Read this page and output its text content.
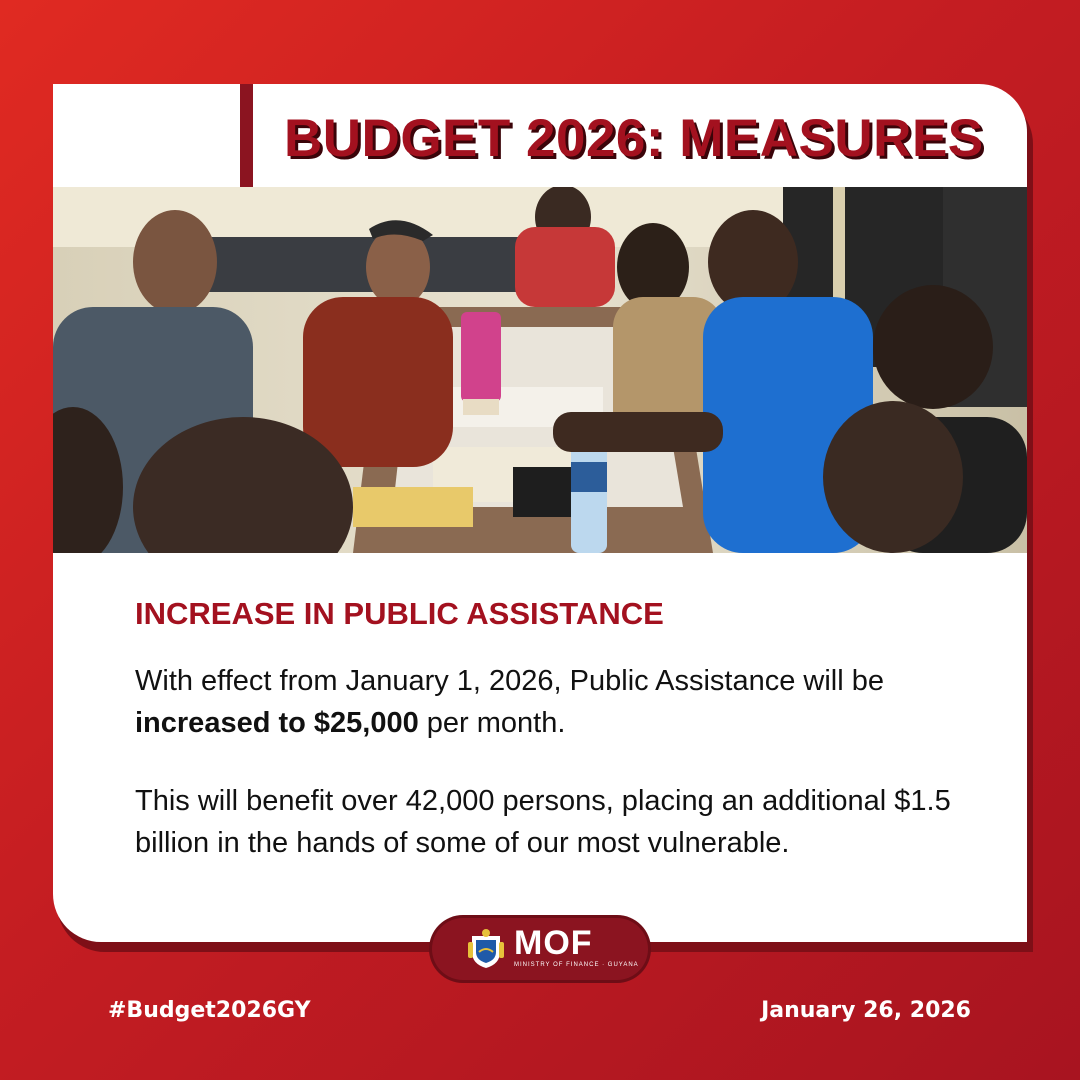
BUDGET 2026: MEASURES
INCREASE IN PUBLIC ASSISTANCE

With effect from January 1, 2026, Public Assistance will be increased to $25,000 per month.

This will benefit over 42,000 persons, placing an additional $1.5 billion in the hands of some of our most vulnerable.

MOF
MINISTRY OF FINANCE · GUYANA

#Budget2026GY	January 26, 2026
